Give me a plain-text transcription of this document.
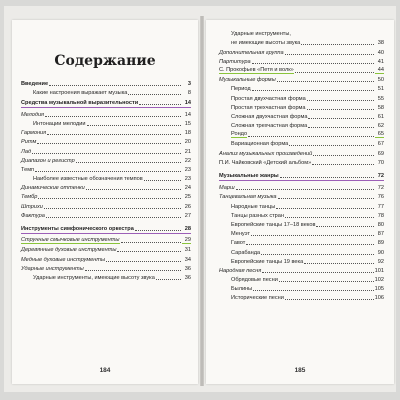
Содержание
Введение	3
Какие настроения выражает музыка	8
Средства музыкальной выразительности	14
Мелодия	14
Интонации мелодии	15
Гармония	18
Ритм	20
Лад	21
Диапазон и регистр	22
Темп	23
Наиболее известные обозначения темпов	23
Динамические оттенки	24
Тембр	25
Штрихи	26
Фактура	27
Инструменты симфонического оркестра	28
Струнные смычковые инструменты	29
Деревянные духовые инструменты	31
Медные духовые инструменты	34
Ударные инструменты	36
Ударные инструменты, имеющие высоту звука	36
184
Ударные инструменты,
не имеющие высоты звука	38
Дополнительная группа	40
Партитура	41
С. Прокофьев «Петя и волк»	44
Музыкальные формы	50
Период	51
Простая двухчастная форма	55
Простая трехчастная форма	58
Сложная двухчастная форма	61
Сложная трехчастная форма	62
Рондо	65
Вариационная форма	67
Анализ музыкальных произведений	69
П.И. Чайковский «Детский альбом»	70
Музыкальные жанры	72
Марш	72
Танцевальная музыка	76
Народные танцы	77
Танцы разных стран	78
Европейские танцы 17–18 веков	80
Менуэт	87
Гавот	89
Сарабанда	90
Европейские танцы 19 века	92
Народная песня	101
Обрядовые песни	102
Былины	105
Исторические песни	106
185
